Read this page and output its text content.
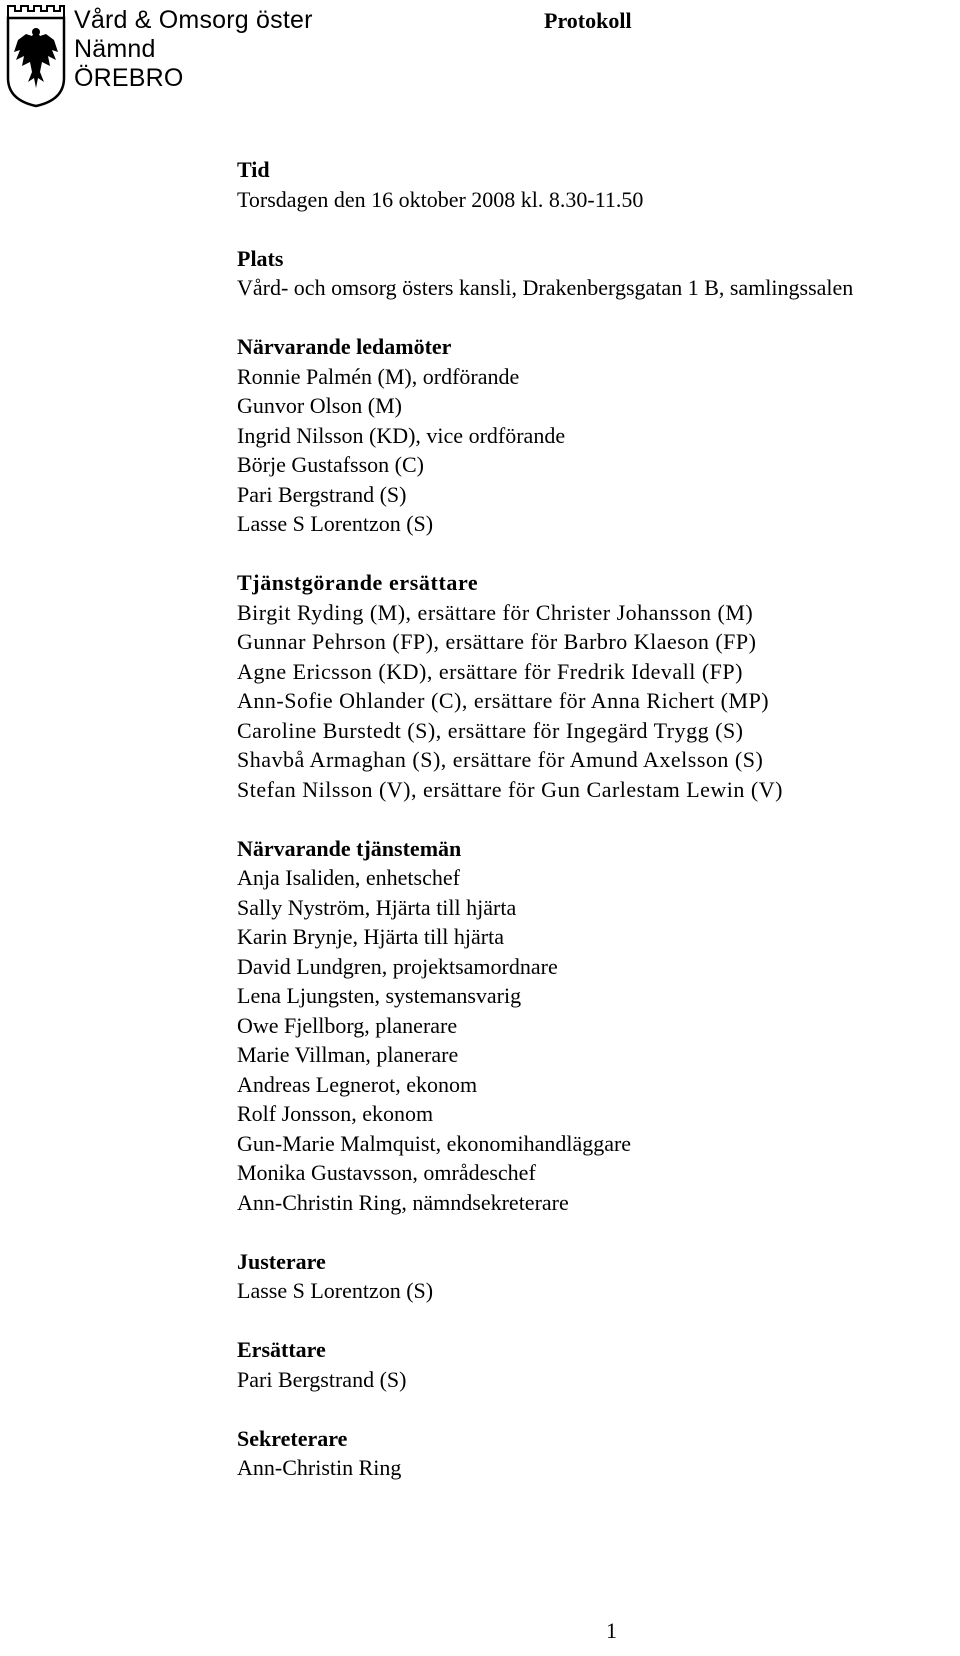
Vård & Omsorg öster
Nämnd
ÖREBRO
Protokoll
Tid
Torsdagen den 16 oktober 2008 kl. 8.30-11.50
Plats
Vård- och omsorg östers kansli, Drakenbergsgatan 1 B, samlingssalen
Närvarande ledamöter
Ronnie Palmén (M), ordförande
Gunvor Olson (M)
Ingrid Nilsson (KD), vice ordförande
Börje Gustafsson (C)
Pari Bergstrand (S)
Lasse S Lorentzon (S)
Tjänstgörande ersättare
Birgit Ryding (M), ersättare för Christer Johansson (M)
Gunnar Pehrson (FP), ersättare för Barbro Klaeson (FP)
Agne Ericsson (KD), ersättare för Fredrik Idevall (FP)
Ann-Sofie Ohlander (C), ersättare för Anna Richert (MP)
Caroline Burstedt (S), ersättare för Ingegärd Trygg (S)
Shavbå Armaghan (S), ersättare för Amund Axelsson (S)
Stefan Nilsson (V), ersättare för Gun Carlestam Lewin (V)
Närvarande tjänstemän
Anja Isaliden, enhetschef
Sally Nyström, Hjärta till hjärta
Karin Brynje, Hjärta till hjärta
David Lundgren, projektsamordnare
Lena Ljungsten, systemansvarig
Owe Fjellborg, planerare
Marie Villman, planerare
Andreas Legnerot, ekonom
Rolf Jonsson, ekonom
Gun-Marie Malmquist, ekonomihandläggare
Monika Gustavsson, områdeschef
Ann-Christin Ring, nämndsekreterare
Justerare
Lasse S Lorentzon (S)
Ersättare
Pari Bergstrand (S)
Sekreterare
Ann-Christin Ring
1
